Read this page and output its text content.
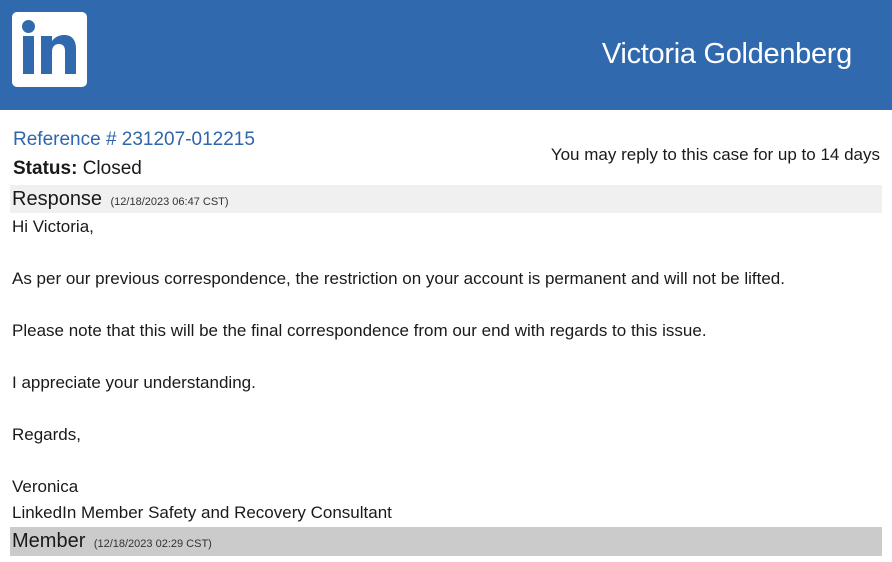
Victoria Goldenberg
Reference # 231207-012215
Status: Closed
You may reply to this case for up to 14 days
Response (12/18/2023 06:47 CST)

Hi Victoria,

As per our previous correspondence, the restriction on your account is permanent and will not be lifted.

Please note that this will be the final correspondence from our end with regards to this issue.

I appreciate your understanding.

Regards,

Veronica

LinkedIn Member Safety and Recovery Consultant

Member (12/18/2023 02:29 CST)
